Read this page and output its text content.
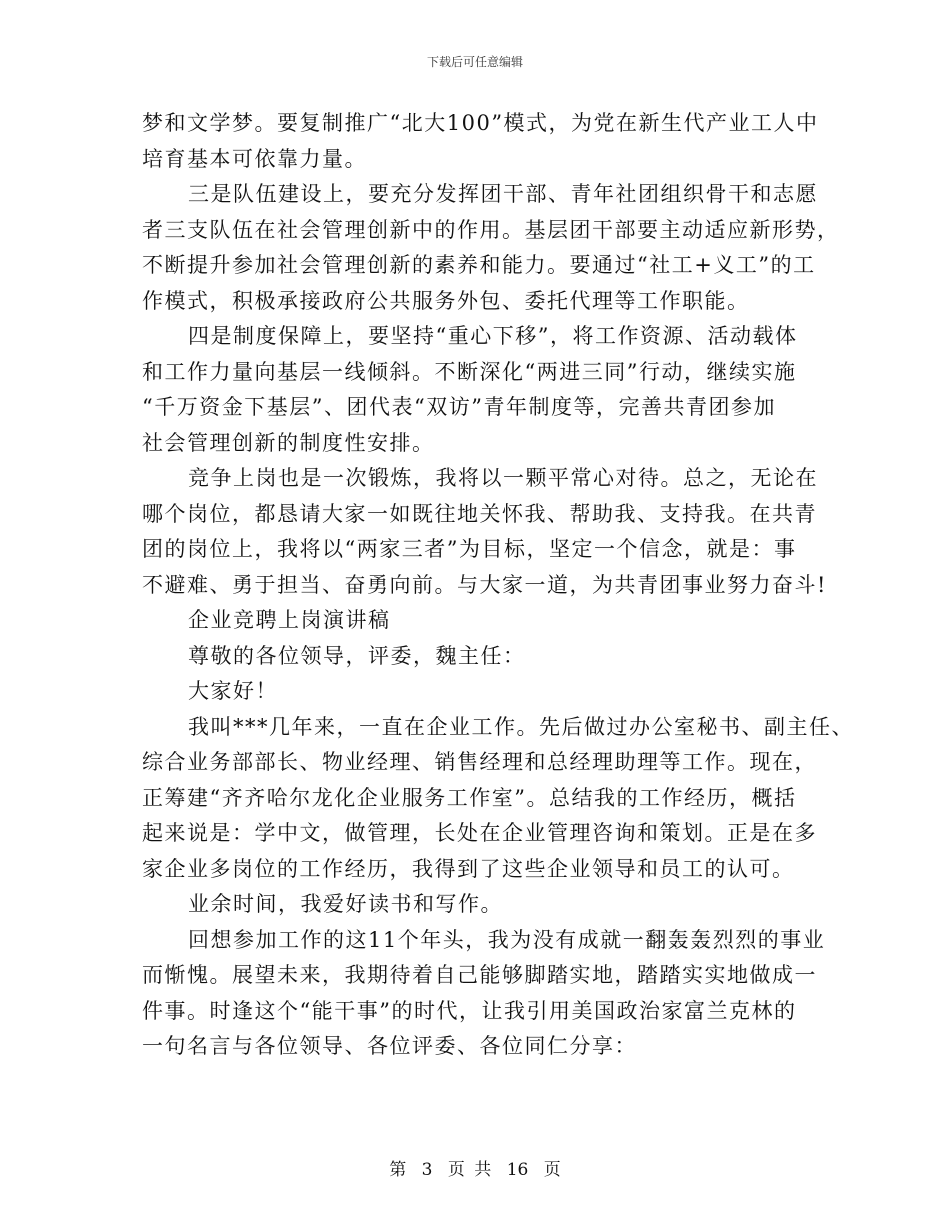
下载后可任意编辑
梦和文学梦。要复制推广“北大100”模式，为党在新生代产业工人中
培育基本可依靠力量。
三是队伍建设上，要充分发挥团干部、青年社团组织骨干和志愿
者三支队伍在社会管理创新中的作用。基层团干部要主动适应新形势，
不断提升参加社会管理创新的素养和能力。要通过“社工+义工”的工
作模式，积极承接政府公共服务外包、委托代理等工作职能。
四是制度保障上，要坚持“重心下移”，将工作资源、活动载体
和工作力量向基层一线倾斜。不断深化“两进三同”行动，继续实施
“千万资金下基层”、团代表“双访”青年制度等，完善共青团参加
社会管理创新的制度性安排。
竞争上岗也是一次锻炼，我将以一颗平常心对待。总之，无论在
哪个岗位，都恳请大家一如既往地关怀我、帮助我、支持我。在共青
团的岗位上，我将以“两家三者”为目标，坚定一个信念，就是：事
不避难、勇于担当、奋勇向前。与大家一道，为共青团事业努力奋斗!
企业竞聘上岗演讲稿
尊敬的各位领导，评委，魏主任：
大家好！
我叫***几年来，一直在企业工作。先后做过办公室秘书、副主任、
综合业务部部长、物业经理、销售经理和总经理助理等工作。现在，
正筹建“齐齐哈尔龙化企业服务工作室”。总结我的工作经历，概括
起来说是：学中文，做管理，长处在企业管理咨询和策划。正是在多
家企业多岗位的工作经历，我得到了这些企业领导和员工的认可。
业余时间，我爱好读书和写作。
回想参加工作的这11个年头，我为没有成就一翻轰轰烈烈的事业
而惭愧。展望未来，我期待着自己能够脚踏实地，踏踏实实地做成一
件事。时逢这个“能干事”的时代，让我引用美国政治家富兰克林的
一句名言与各位领导、各位评委、各位同仁分享：
第 3 页 共 16 页
